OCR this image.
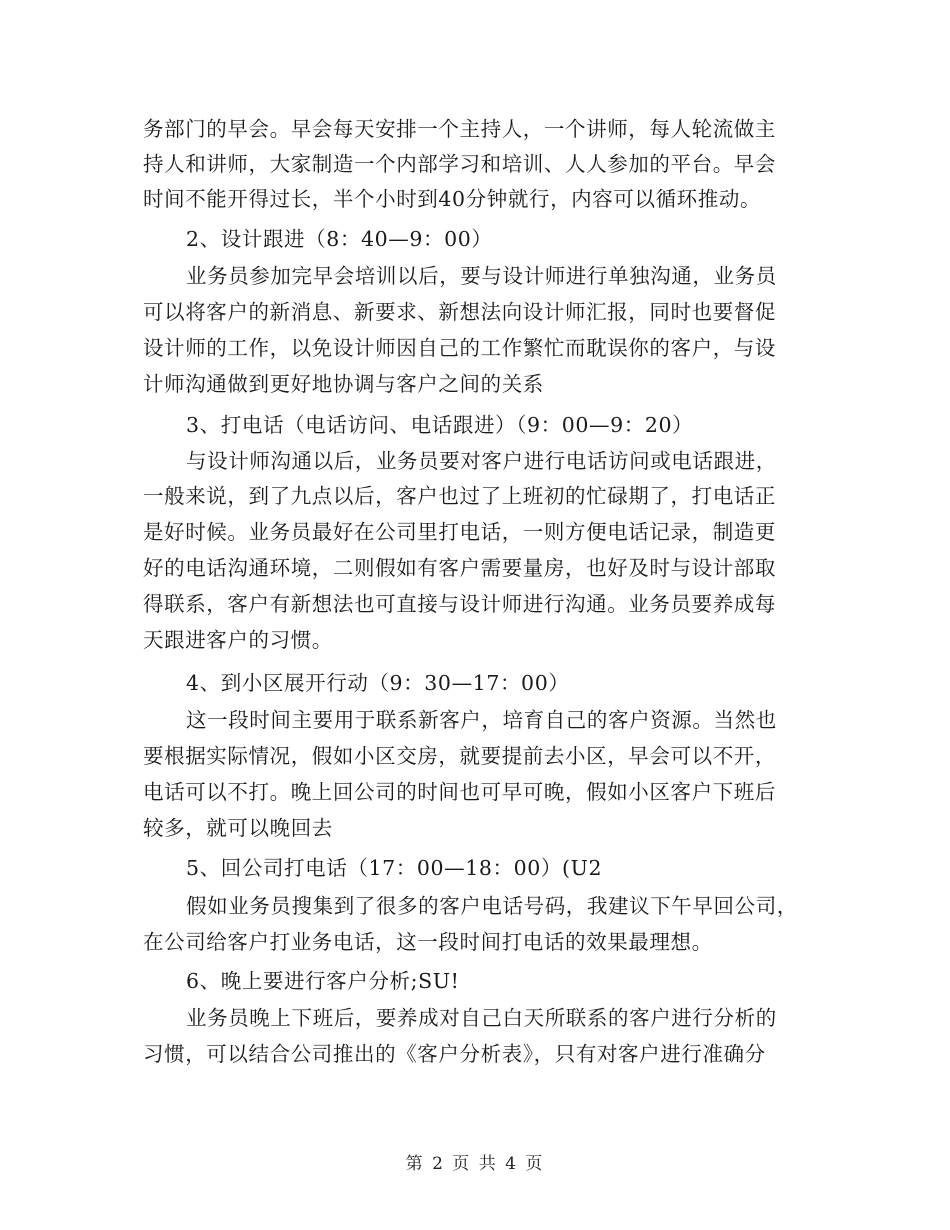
务部门的早会。早会每天安排一个主持人，一个讲师，每人轮流做主
持人和讲师，大家制造一个内部学习和培训、人人参加的平台。早会
时间不能开得过长，半个小时到40分钟就行，内容可以循环推动。
2、设计跟进（8：40—9：00）
业务员参加完早会培训以后，要与设计师进行单独沟通，业务员
可以将客户的新消息、新要求、新想法向设计师汇报，同时也要督促
设计师的工作，以免设计师因自己的工作繁忙而耽误你的客户，与设
计师沟通做到更好地协调与客户之间的关系
3、打电话（电话访问、电话跟进）（9：00—9：20）
与设计师沟通以后，业务员要对客户进行电话访问或电话跟进，
一般来说，到了九点以后，客户也过了上班初的忙碌期了，打电话正
是好时候。业务员最好在公司里打电话，一则方便电话记录，制造更
好的电话沟通环境，二则假如有客户需要量房，也好及时与设计部取
得联系，客户有新想法也可直接与设计师进行沟通。业务员要养成每
天跟进客户的习惯。
4、到小区展开行动（9：30—17：00）
这一段时间主要用于联系新客户，培育自己的客户资源。当然也
要根据实际情况，假如小区交房，就要提前去小区，早会可以不开，
电话可以不打。晚上回公司的时间也可早可晚，假如小区客户下班后
较多，就可以晚回去
5、回公司打电话（17：00—18：00）(U2
假如业务员搜集到了很多的客户电话号码，我建议下午早回公司，
在公司给客户打业务电话，这一段时间打电话的效果最理想。
6、晚上要进行客户分析;SU!
业务员晚上下班后，要养成对自己白天所联系的客户进行分析的
习惯，可以结合公司推出的《客户分析表》，只有对客户进行准确分
第 2 页 共 4 页
